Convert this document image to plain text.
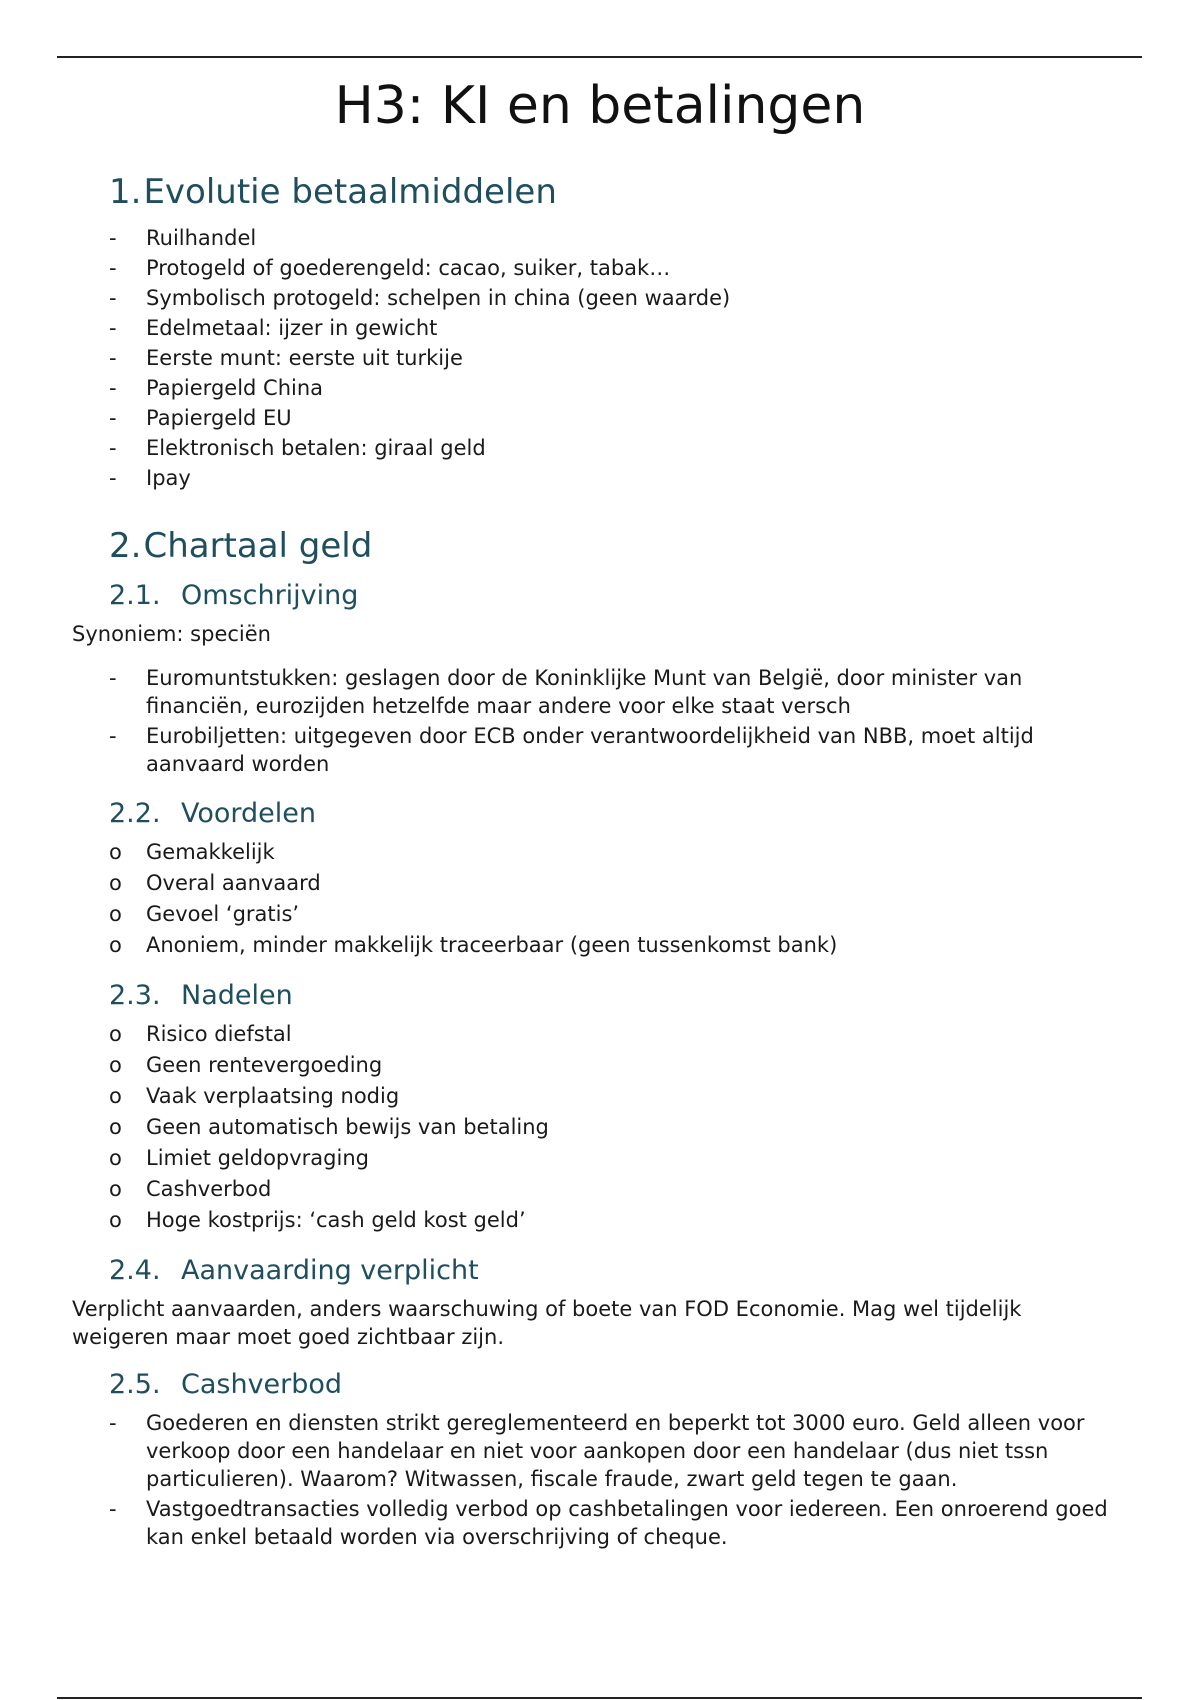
H3: KI en betalingen
1.Evolutie betaalmiddelen
-	Ruilhandel
-	Protogeld of goederengeld: cacao, suiker, tabak…
-	Symbolisch protogeld: schelpen in china (geen waarde)
-	Edelmetaal: ijzer in gewicht
-	Eerste munt: eerste uit turkije
-	Papiergeld China
-	Papiergeld EU
-	Elektronisch betalen: giraal geld
-	Ipay
2.Chartaal geld
2.1. Omschrijving

Synoniem: speciën

-	Euromuntstukken: geslagen door de Koninklijke Munt van België, door minister van financiën, eurozijden hetzelfde maar andere voor elke staat versch
-	Eurobiljetten: uitgegeven door ECB onder verantwoordelijkheid van NBB, moet altijd aanvaard worden
2.2. Voordelen
o	Gemakkelijk
o	Overal aanvaard
o	Gevoel ‘gratis’
o	Anoniem, minder makkelijk traceerbaar (geen tussenkomst bank)
2.3. Nadelen
o	Risico diefstal
o	Geen rentevergoeding
o	Vaak verplaatsing nodig
o	Geen automatisch bewijs van betaling
o	Limiet geldopvraging
o	Cashverbod
o	Hoge kostprijs: ‘cash geld kost geld’
2.4. Aanvaarding verplicht

Verplicht aanvaarden, anders waarschuwing of boete van FOD Economie. Mag wel tijdelijk weigeren maar moet goed zichtbaar zijn.

2.5. Cashverbod
-	Goederen en diensten strikt gereglementeerd en beperkt tot 3000 euro. Geld alleen voor verkoop door een handelaar en niet voor aankopen door een handelaar (dus niet tssn particulieren). Waarom? Witwassen, fiscale fraude, zwart geld tegen te gaan.
-	Vastgoedtransacties volledig verbod op cashbetalingen voor iedereen. Een onroerend goed kan enkel betaald worden via overschrijving of cheque.
